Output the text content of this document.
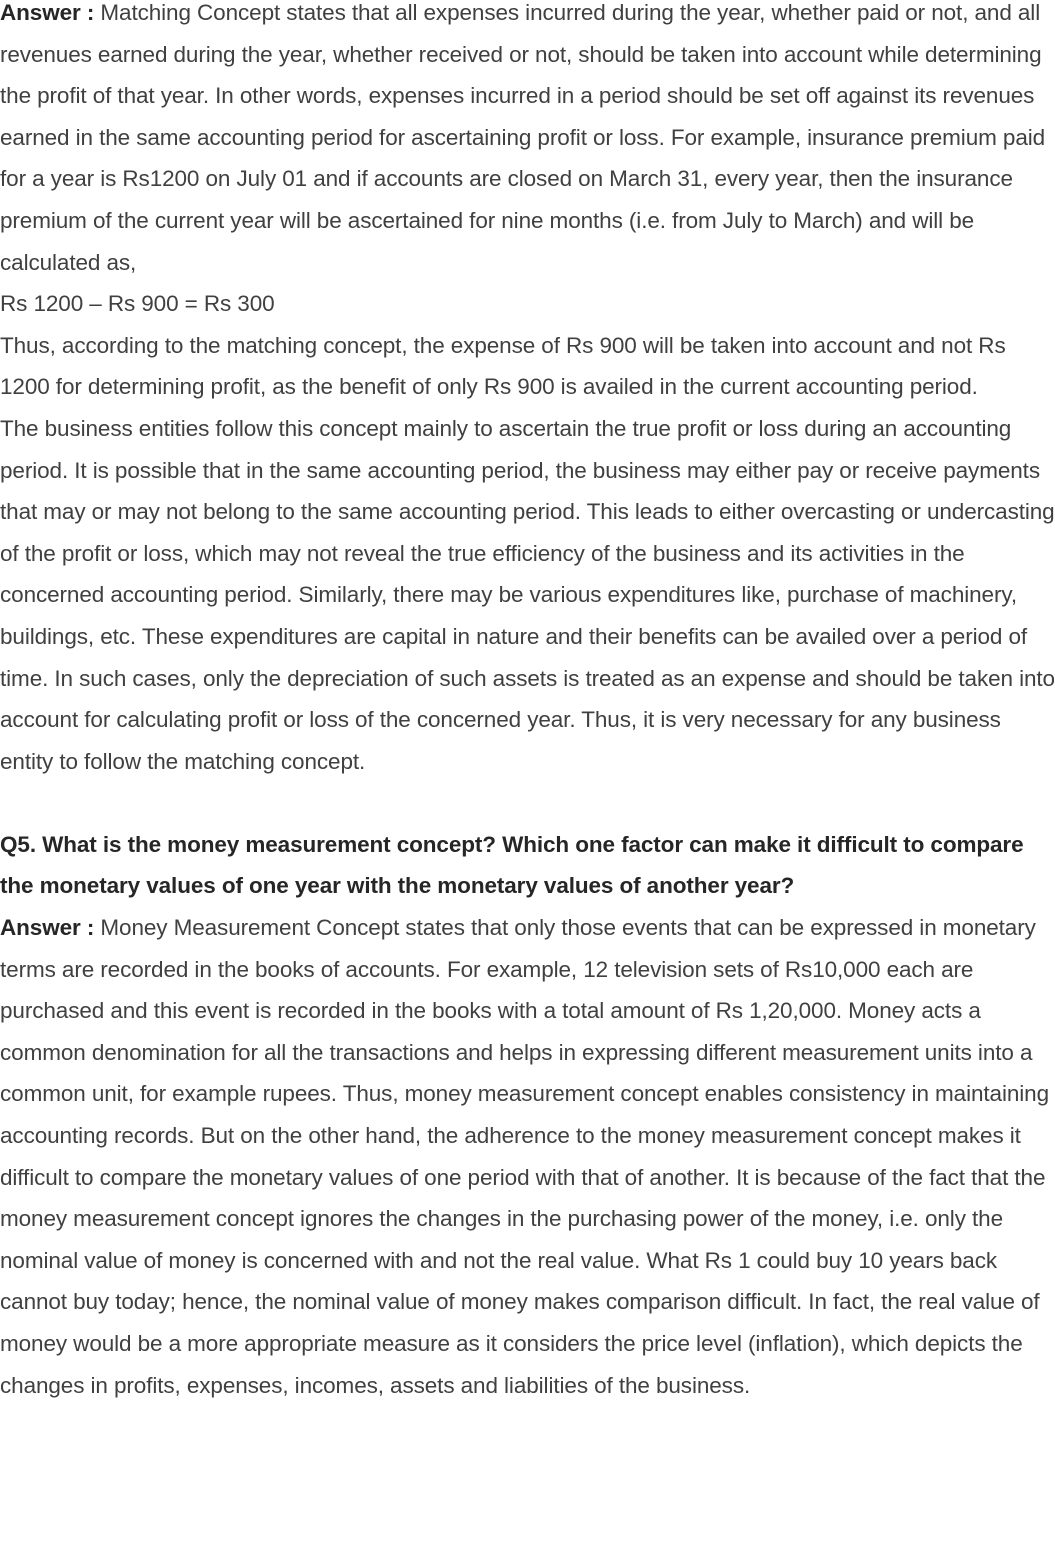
Answer : Matching Concept states that all expenses incurred during the year, whether paid or not, and all revenues earned during the year, whether received or not, should be taken into account while determining the profit of that year. In other words, expenses incurred in a period should be set off against its revenues earned in the same accounting period for ascertaining profit or loss. For example, insurance premium paid for a year is Rs1200 on July 01 and if accounts are closed on March 31, every year, then the insurance premium of the current year will be ascertained for nine months (i.e. from July to March) and will be calculated as,

Rs 1200 – Rs 900 = Rs 300

Thus, according to the matching concept, the expense of Rs 900 will be taken into account and not Rs 1200 for determining profit, as the benefit of only Rs 900 is availed in the current accounting period.

The business entities follow this concept mainly to ascertain the true profit or loss during an accounting period. It is possible that in the same accounting period, the business may either pay or receive payments that may or may not belong to the same accounting period. This leads to either overcasting or undercasting of the profit or loss, which may not reveal the true efficiency of the business and its activities in the concerned accounting period. Similarly, there may be various expenditures like, purchase of machinery, buildings, etc. These expenditures are capital in nature and their benefits can be availed over a period of time. In such cases, only the depreciation of such assets is treated as an expense and should be taken into account for calculating profit or loss of the concerned year. Thus, it is very necessary for any business entity to follow the matching concept.

Q5. What is the money measurement concept? Which one factor can make it difficult to compare the monetary values of one year with the monetary values of another year?

Answer : Money Measurement Concept states that only those events that can be expressed in monetary terms are recorded in the books of accounts. For example, 12 television sets of Rs10,000 each are purchased and this event is recorded in the books with a total amount of Rs 1,20,000. Money acts a common denomination for all the transactions and helps in expressing different measurement units into a common unit, for example rupees. Thus, money measurement concept enables consistency in maintaining accounting records. But on the other hand, the adherence to the money measurement concept makes it difficult to compare the monetary values of one period with that of another. It is because of the fact that the money measurement concept ignores the changes in the purchasing power of the money, i.e. only the nominal value of money is concerned with and not the real value. What Rs 1 could buy 10 years back cannot buy today; hence, the nominal value of money makes comparison difficult. In fact, the real value of money would be a more appropriate measure as it considers the price level (inflation), which depicts the changes in profits, expenses, incomes, assets and liabilities of the business.
